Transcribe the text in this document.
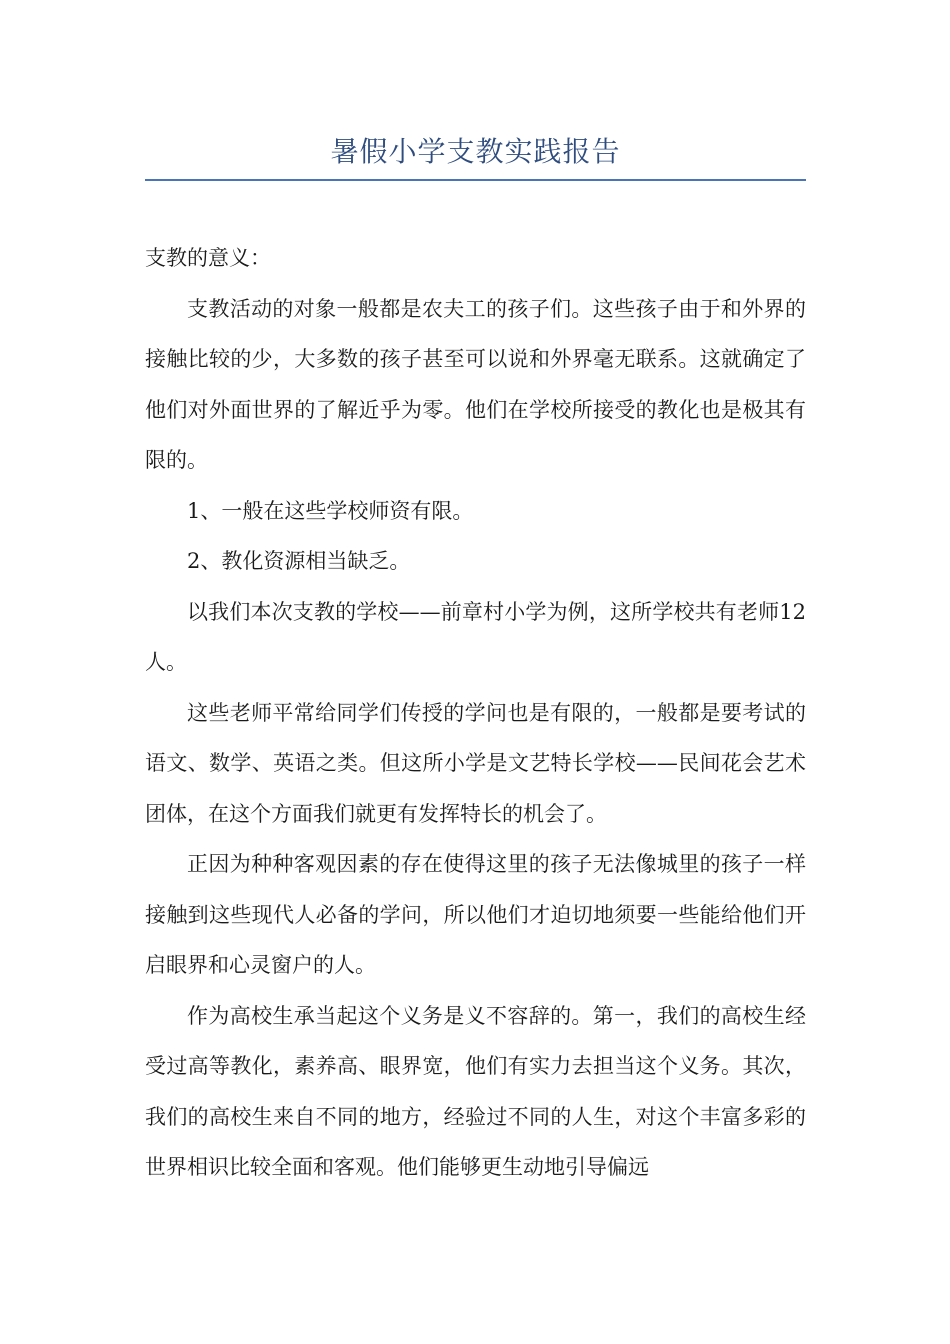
暑假小学支教实践报告

支教的意义：

支教活动的对象一般都是农夫工的孩子们。这些孩子由于和外界的接触比较的少，大多数的孩子甚至可以说和外界毫无联系。这就确定了他们对外面世界的了解近乎为零。他们在学校所接受的教化也是极其有限的。

1、一般在这些学校师资有限。

2、教化资源相当缺乏。

以我们本次支教的学校——前章村小学为例，这所学校共有老师12人。

这些老师平常给同学们传授的学问也是有限的，一般都是要考试的语文、数学、英语之类。但这所小学是文艺特长学校——民间花会艺术团体，在这个方面我们就更有发挥特长的机会了。

正因为种种客观因素的存在使得这里的孩子无法像城里的孩子一样接触到这些现代人必备的学问，所以他们才迫切地须要一些能给他们开启眼界和心灵窗户的人。

作为高校生承当起这个义务是义不容辞的。第一，我们的高校生经受过高等教化，素养高、眼界宽，他们有实力去担当这个义务。其次，我们的高校生来自不同的地方，经验过不同的人生，对这个丰富多彩的世界相识比较全面和客观。他们能够更生动地引导偏远
